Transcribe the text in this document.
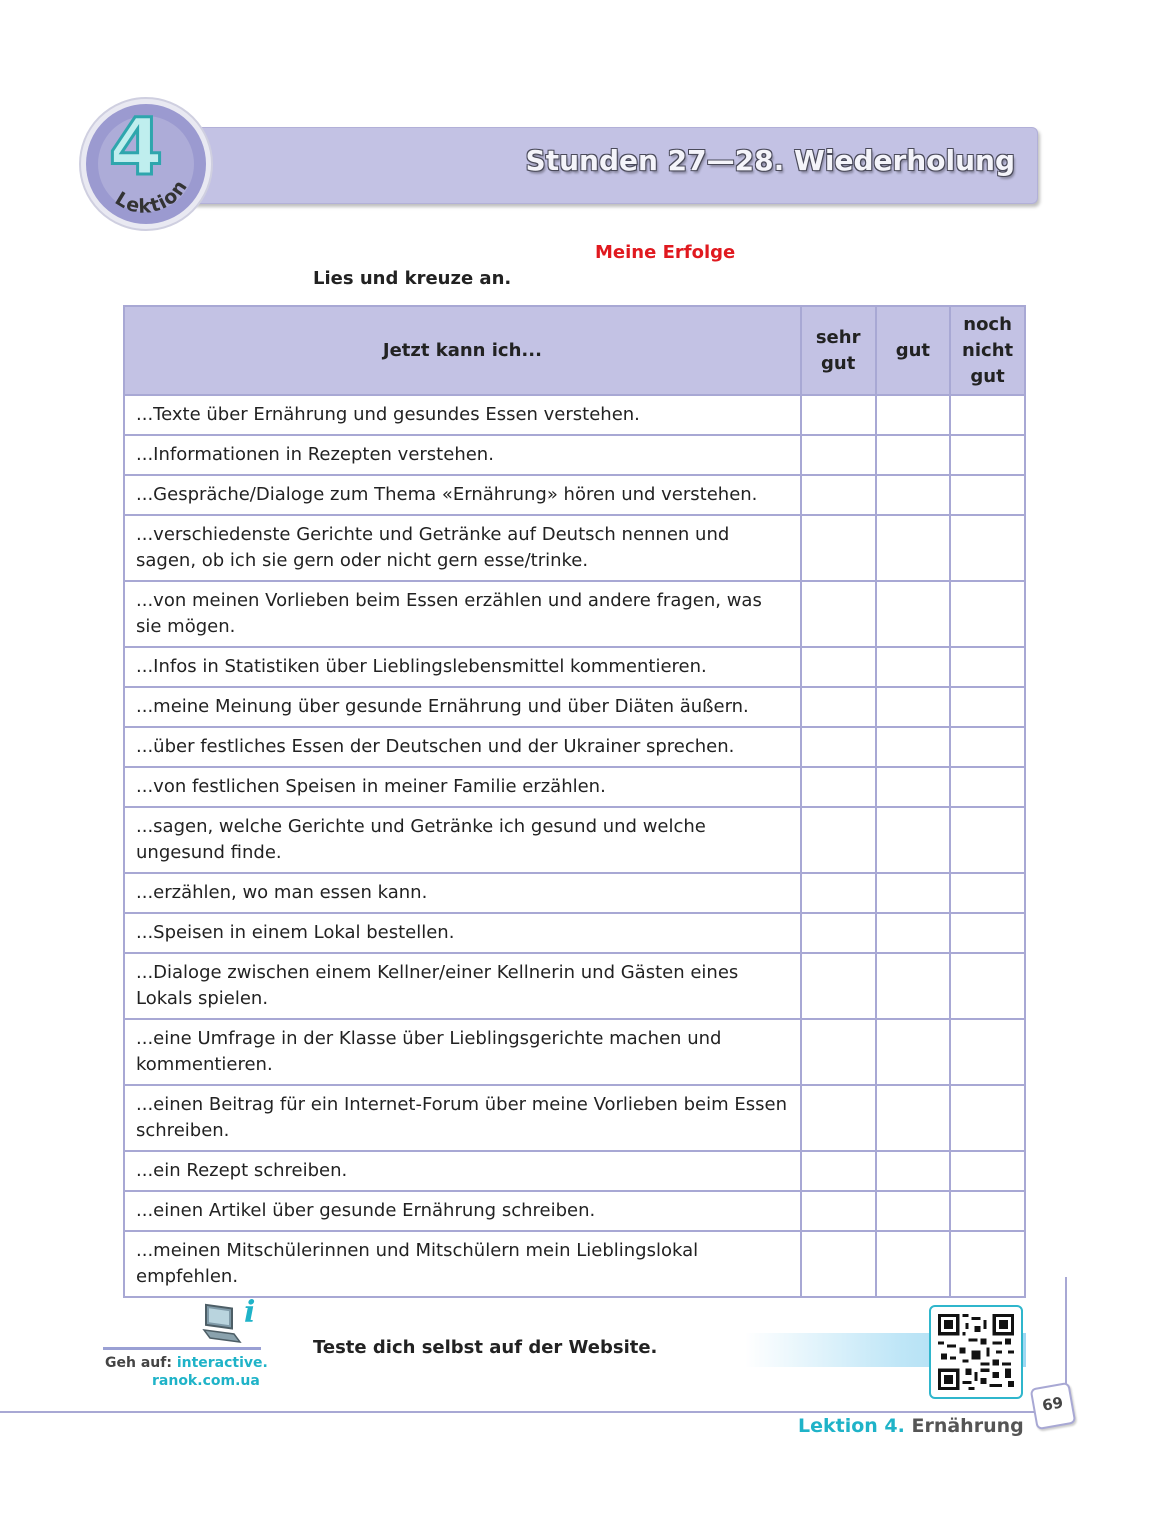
Stunden 27—28. Wiederholung
4
Lektion
Meine Erfolge
Lies und kreuze an.
Jetzt kann ich...	sehr gut	gut	noch nicht gut
...Texte über Ernährung und gesundes Essen verstehen.			
...Informationen in Rezepten verstehen.			
...Gespräche/Dialoge zum Thema «Ernährung» hören und verstehen.			
...verschiedenste Gerichte und Getränke auf Deutsch nennen und sagen, ob ich sie gern oder nicht gern esse/trinke.			
...von meinen Vorlieben beim Essen erzählen und andere fragen, was sie mögen.			
...Infos in Statistiken über Lieblingslebensmittel kommentieren.			
...meine Meinung über gesunde Ernährung und über Diäten äußern.			
...über festliches Essen der Deutschen und der Ukrainer sprechen.			
...von festlichen Speisen in meiner Familie erzählen.			
...sagen, welche Gerichte und Getränke ich gesund und welche ungesund finde.			
...erzählen, wo man essen kann.			
...Speisen in einem Lokal bestellen.			
...Dialoge zwischen einem Kellner/einer Kellnerin und Gästen eines Lokals spielen.			
...eine Umfrage in der Klasse über Lieblingsgerichte machen und kommentieren.			
...einen Beitrag für ein Internet-Forum über meine Vorlieben beim Essen schreiben.			
...ein Rezept schreiben.			
...einen Artikel über gesunde Ernährung schreiben.			
...meinen Mitschülerinnen und Mitschülern mein Lieblingslokal empfehlen.			
i
Geh auf: interactive.
ranok.com.ua
Teste dich selbst auf der Website.
69
Lektion 4. Ernährung
